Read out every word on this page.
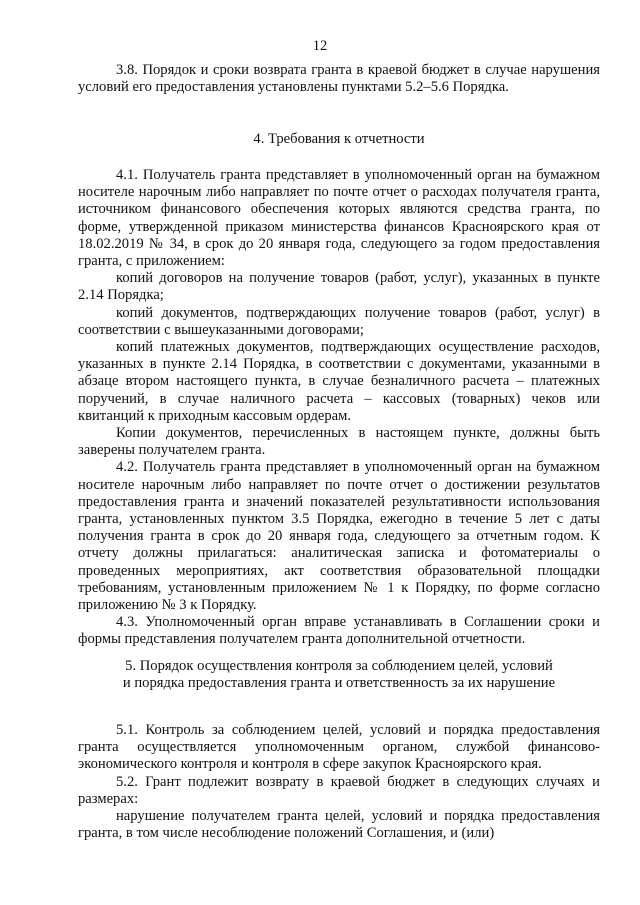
12

3.8. Порядок и сроки возврата гранта в краевой бюджет в случае нарушения условий его предоставления установлены пунктами 5.2–5.6 Порядка.

4. Требования к отчетности

4.1. Получатель гранта представляет в уполномоченный орган на бумажном носителе нарочным либо направляет по почте отчет о расходах получателя гранта, источником финансового обеспечения которых являются средства гранта, по форме, утвержденной приказом министерства финансов Красноярского края от 18.02.2019 № 34, в срок до 20 января года, следующего за годом предоставления гранта, с приложением:

копий договоров на получение товаров (работ, услуг), указанных в пункте 2.14 Порядка;

копий документов, подтверждающих получение товаров (работ, услуг) в соответствии с вышеуказанными договорами;

копий платежных документов, подтверждающих осуществление расходов, указанных в пункте 2.14 Порядка, в соответствии с документами, указанными в абзаце втором настоящего пункта, в случае безналичного расчета – платежных поручений, в случае наличного расчета – кассовых (товарных) чеков или квитанций к приходным кассовым ордерам.

Копии документов, перечисленных в настоящем пункте, должны быть заверены получателем гранта.

4.2. Получатель гранта представляет в уполномоченный орган на бумажном носителе нарочным либо направляет по почте отчет о достижении результатов предоставления гранта и значений показателей результативности использования гранта, установленных пунктом 3.5 Порядка, ежегодно в течение 5 лет с даты получения гранта в срок до 20 января года, следующего за отчетным годом. К отчету должны прилагаться: аналитическая записка и фотоматериалы о проведенных мероприятиях, акт соответствия образовательной площадки требованиям, установленным приложением № 1 к Порядку, по форме согласно приложению № 3 к Порядку.

4.3. Уполномоченный орган вправе устанавливать в Соглашении сроки и формы представления получателем гранта дополнительной отчетности.

5. Порядок осуществления контроля за соблюдением целей, условий

и порядка предоставления гранта и ответственность за их нарушение

5.1. Контроль за соблюдением целей, условий и порядка предоставления гранта осуществляется уполномоченным органом, службой финансово-экономического контроля и контроля в сфере закупок Красноярского края.

5.2. Грант подлежит возврату в краевой бюджет в следующих случаях и размерах:

нарушение получателем гранта целей, условий и порядка предоставления гранта, в том числе несоблюдение положений Соглашения, и (или)
